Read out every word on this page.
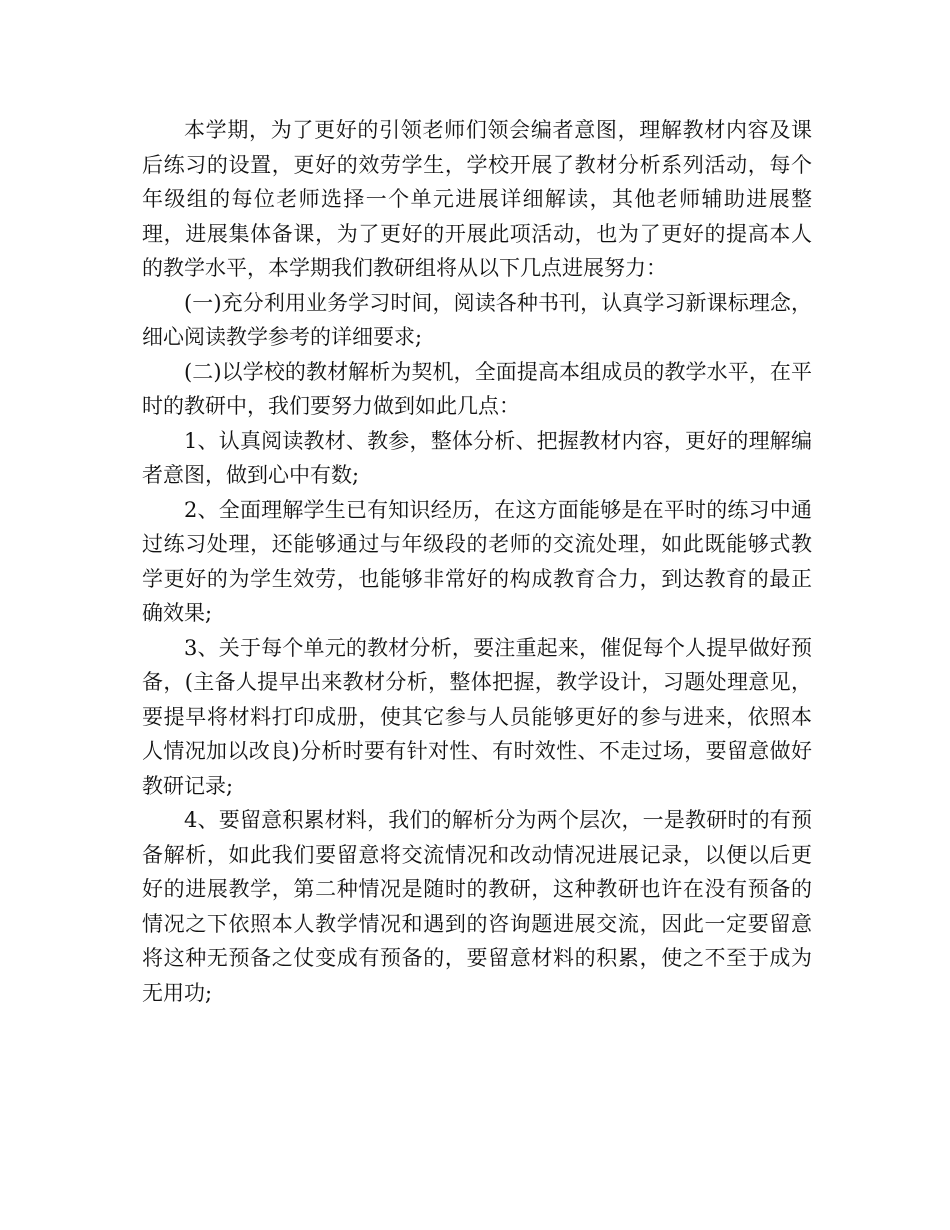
本学期，为了更好的引领老师们领会编者意图，理解教材内容及课后练习的设置，更好的效劳学生，学校开展了教材分析系列活动，每个年级组的每位老师选择一个单元进展详细解读，其他老师辅助进展整理，进展集体备课，为了更好的开展此项活动，也为了更好的提高本人的教学水平，本学期我们教研组将从以下几点进展努力：

(一)充分利用业务学习时间，阅读各种书刊，认真学习新课标理念，细心阅读教学参考的详细要求;

(二)以学校的教材解析为契机，全面提高本组成员的教学水平，在平时的教研中，我们要努力做到如此几点：

1、认真阅读教材、教参，整体分析、把握教材内容，更好的理解编者意图，做到心中有数;

2、全面理解学生已有知识经历，在这方面能够是在平时的练习中通过练习处理，还能够通过与年级段的老师的交流处理，如此既能够式教学更好的为学生效劳，也能够非常好的构成教育合力，到达教育的最正确效果;

3、关于每个单元的教材分析，要注重起来，催促每个人提早做好预备，(主备人提早出来教材分析，整体把握，教学设计，习题处理意见，要提早将材料打印成册，使其它参与人员能够更好的参与进来，依照本人情况加以改良)分析时要有针对性、有时效性、不走过场，要留意做好教研记录;

4、要留意积累材料，我们的解析分为两个层次，一是教研时的有预备解析，如此我们要留意将交流情况和改动情况进展记录，以便以后更好的进展教学，第二种情况是随时的教研，这种教研也许在没有预备的情况之下依照本人教学情况和遇到的咨询题进展交流，因此一定要留意将这种无预备之仗变成有预备的，要留意材料的积累，使之不至于成为无用功;
